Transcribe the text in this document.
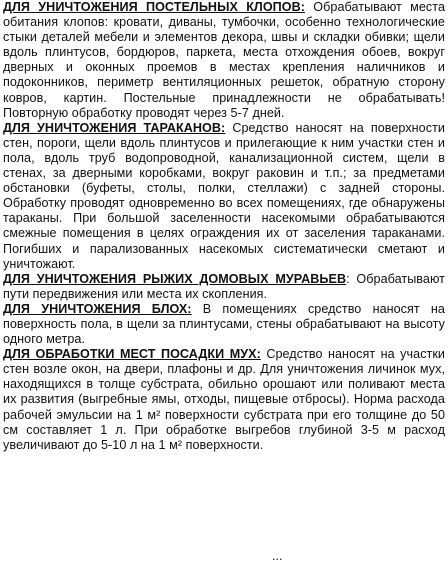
ДЛЯ УНИЧТОЖЕНИЯ ПОСТЕЛЬНЫХ КЛОПОВ: Обрабатывают места обитания клопов: кровати, диваны, тумбочки, особенно технологические стыки деталей мебели и элементов декора, швы и складки обивки; щели вдоль плинтусов, бордюров, паркета, места отхождения обоев, вокруг дверных и оконных проемов в местах крепления наличников и подоконников, периметр вентиляционных решеток, обратную сторону ковров, картин. Постельные принадлежности не обрабатывать! Повторную обработку проводят через 5-7 дней.

ДЛЯ УНИЧТОЖЕНИЯ ТАРАКАНОВ: Средство наносят на поверхности стен, пороги, щели вдоль плинтусов и прилегающие к ним участки стен и пола, вдоль труб водопроводной, канализационной систем, щели в стенах, за дверными коробками, вокруг раковин и т.п.; за предметами обстановки (буфеты, столы, полки, стеллажи) с задней стороны. Обработку проводят одновременно во всех помещениях, где обнаружены тараканы. При большой заселенности насекомыми обрабатываются смежные помещения в целях ограждения их от заселения тараканами. Погибших и парализованных насекомых систематически сметают и уничтожают.

ДЛЯ УНИЧТОЖЕНИЯ РЫЖИХ ДОМОВЫХ МУРАВЬЕВ: Обрабатывают пути передвижения или места их скопления.

ДЛЯ УНИЧТОЖЕНИЯ БЛОХ: В помещениях средство наносят на поверхность пола, в щели за плинтусами, стены обрабатывают на высоту одного метра.

ДЛЯ ОБРАБОТКИ МЕСТ ПОСАДКИ МУХ: Средство наносят на участки стен возле окон, на двери, плафоны и др. Для уничтожения личинок мух, находящихся в толще субстрата, обильно орошают или поливают места их развития (выгребные ямы, отходы, пищевые отбросы). Норма расхода рабочей эмульсии на 1 м² поверхности субстрата при его толщине до 50 см составляет 1 л. При обработке выгребов глубиной 3-5 м расход увеличивают до 5-10 л на 1 м² поверхности.

...
